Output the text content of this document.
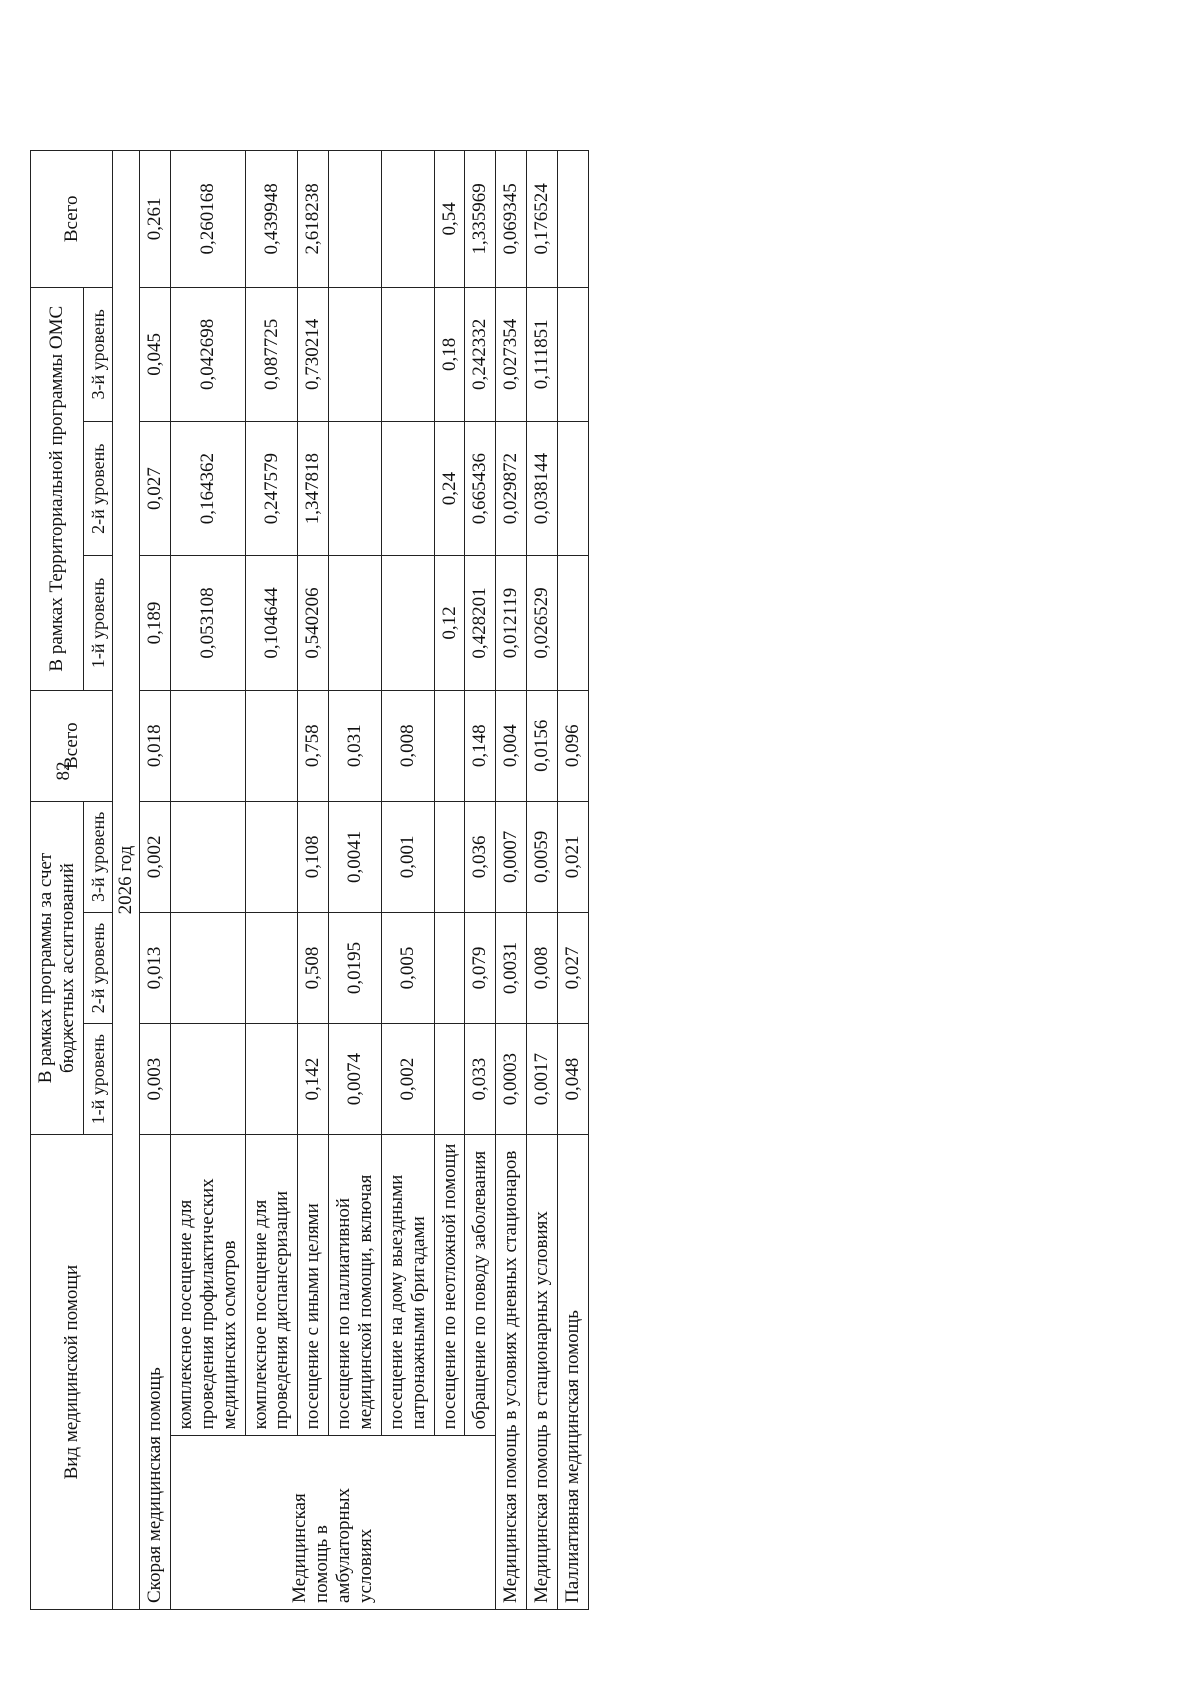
82
Вид медицинской помощи		В рамках программы за счет бюджетных ассигнований			Всего	В рамках Территориальной программы ОМС			Всего
		1-й уровень	2-й уровень	3-й уровень		1-й уровень	2-й уровень	3-й уровень	
2026 год									
Скорая медицинская помощь		0,003	0,013	0,002	0,018	0,189	0,027	0,045	0,261
Медицинская помощь в амбулаторных условиях	комплексное посещение для проведения профилактических медицинских осмотров					0,053108	0,164362	0,042698	0,260168
	комплексное посещение для проведения диспансеризации					0,104644	0,247579	0,087725	0,439948
	посещение с иными целями	0,142	0,508	0,108	0,758	0,540206	1,347818	0,730214	2,618238
	посещение по паллиативной медицинской помощи, включая	0,0074	0,0195	0,0041	0,031				
	посещение на дому выездными патронажными бригадами	0,002	0,005	0,001	0,008				
	посещение по неотложной помощи					0,12	0,24	0,18	0,54
	обращение по поводу заболевания	0,033	0,079	0,036	0,148	0,428201	0,665436	0,242332	1,335969
Медицинская помощь в условиях дневных стационаров		0,0003	0,0031	0,0007	0,004	0,012119	0,029872	0,027354	0,069345
Медицинская помощь в стационарных условиях		0,0017	0,008	0,0059	0,0156	0,026529	0,038144	0,111851	0,176524
Паллиативная медицинская помощь		0,048	0,027	0,021	0,096				
